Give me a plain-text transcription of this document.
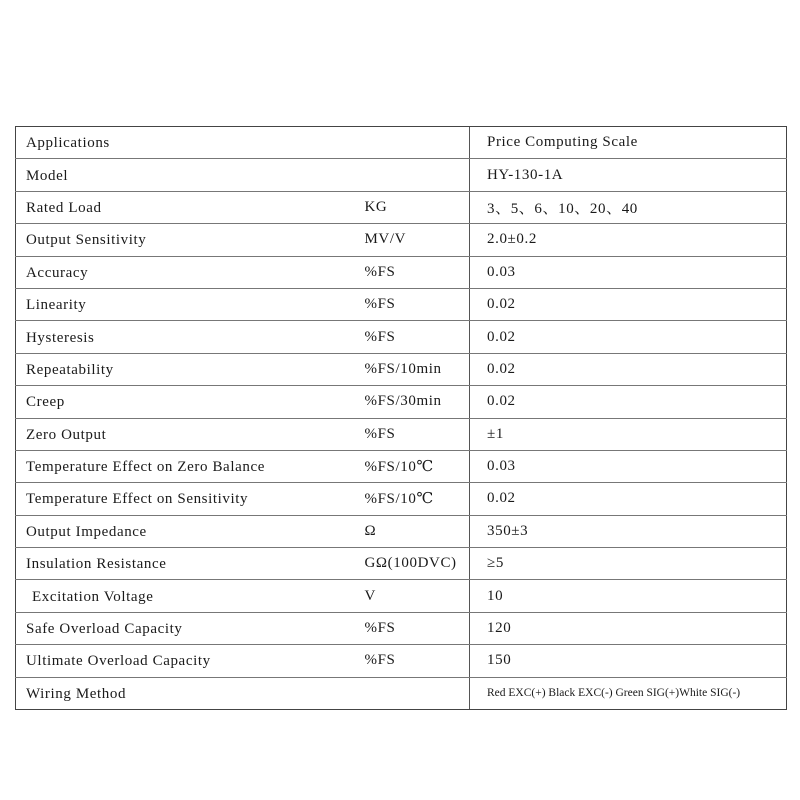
Applications		Price Computing Scale
Model		HY-130-1A
Rated Load	KG	3、5、6、10、20、40
Output Sensitivity	MV/V	2.0±0.2
Accuracy	%FS	0.03
Linearity	%FS	0.02
Hysteresis	%FS	0.02
Repeatability	%FS/10min	0.02
Creep	%FS/30min	0.02
Zero Output	%FS	±1
Temperature Effect on Zero Balance	%FS/10℃	0.03
Temperature Effect on Sensitivity	%FS/10℃	0.02
Output Impedance	Ω	350±3
Insulation Resistance	GΩ(100DVC)	≥5
Excitation Voltage	V	10
Safe Overload Capacity	%FS	120
Ultimate Overload Capacity	%FS	150
Wiring Method		Red EXC(+) Black EXC(-) Green SIG(+)White SIG(-)
